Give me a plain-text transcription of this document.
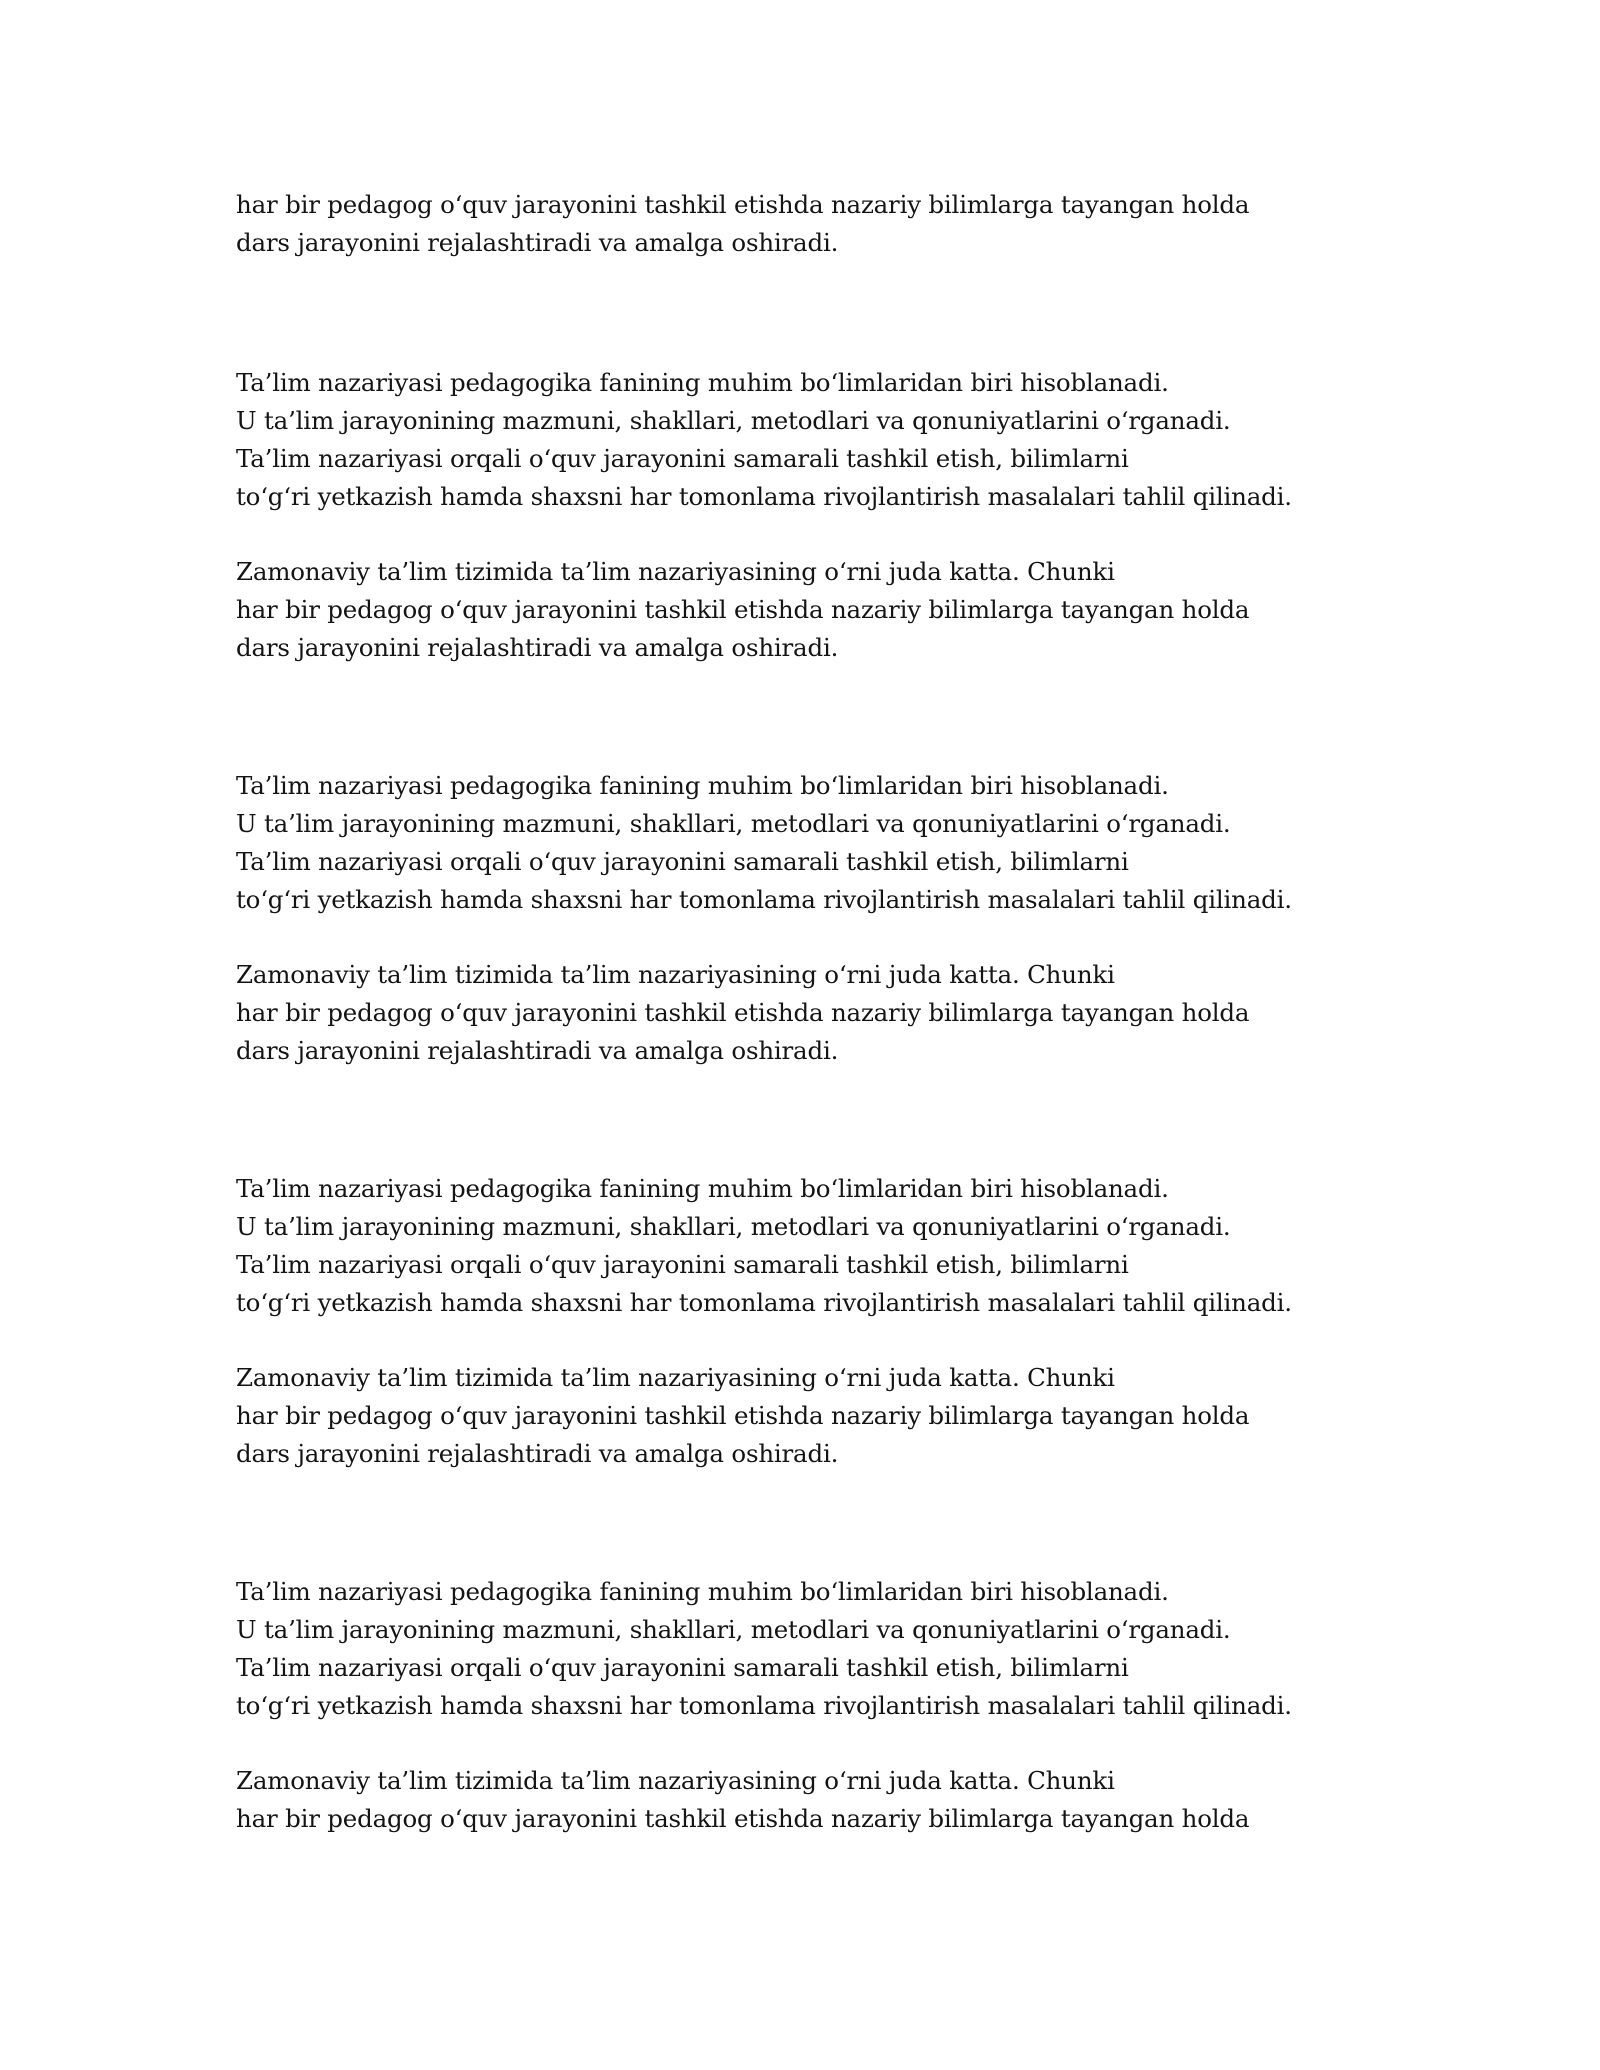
har bir pedagog o‘quv jarayonini tashkil etishda nazariy bilimlarga tayangan holda
dars jarayonini rejalashtiradi va amalga oshiradi.
Ta’lim nazariyasi pedagogika fanining muhim bo‘limlaridan biri hisoblanadi.
U ta’lim jarayonining mazmuni, shakllari, metodlari va qonuniyatlarini o‘rganadi.
Ta’lim nazariyasi orqali o‘quv jarayonini samarali tashkil etish, bilimlarni
to‘g‘ri yetkazish hamda shaxsni har tomonlama rivojlantirish masalalari tahlil qilinadi.
Zamonaviy ta’lim tizimida ta’lim nazariyasining o‘rni juda katta. Chunki
har bir pedagog o‘quv jarayonini tashkil etishda nazariy bilimlarga tayangan holda
dars jarayonini rejalashtiradi va amalga oshiradi.
Ta’lim nazariyasi pedagogika fanining muhim bo‘limlaridan biri hisoblanadi.
U ta’lim jarayonining mazmuni, shakllari, metodlari va qonuniyatlarini o‘rganadi.
Ta’lim nazariyasi orqali o‘quv jarayonini samarali tashkil etish, bilimlarni
to‘g‘ri yetkazish hamda shaxsni har tomonlama rivojlantirish masalalari tahlil qilinadi.
Zamonaviy ta’lim tizimida ta’lim nazariyasining o‘rni juda katta. Chunki
har bir pedagog o‘quv jarayonini tashkil etishda nazariy bilimlarga tayangan holda
dars jarayonini rejalashtiradi va amalga oshiradi.
Ta’lim nazariyasi pedagogika fanining muhim bo‘limlaridan biri hisoblanadi.
U ta’lim jarayonining mazmuni, shakllari, metodlari va qonuniyatlarini o‘rganadi.
Ta’lim nazariyasi orqali o‘quv jarayonini samarali tashkil etish, bilimlarni
to‘g‘ri yetkazish hamda shaxsni har tomonlama rivojlantirish masalalari tahlil qilinadi.
Zamonaviy ta’lim tizimida ta’lim nazariyasining o‘rni juda katta. Chunki
har bir pedagog o‘quv jarayonini tashkil etishda nazariy bilimlarga tayangan holda
dars jarayonini rejalashtiradi va amalga oshiradi.
Ta’lim nazariyasi pedagogika fanining muhim bo‘limlaridan biri hisoblanadi.
U ta’lim jarayonining mazmuni, shakllari, metodlari va qonuniyatlarini o‘rganadi.
Ta’lim nazariyasi orqali o‘quv jarayonini samarali tashkil etish, bilimlarni
to‘g‘ri yetkazish hamda shaxsni har tomonlama rivojlantirish masalalari tahlil qilinadi.
Zamonaviy ta’lim tizimida ta’lim nazariyasining o‘rni juda katta. Chunki
har bir pedagog o‘quv jarayonini tashkil etishda nazariy bilimlarga tayangan holda
